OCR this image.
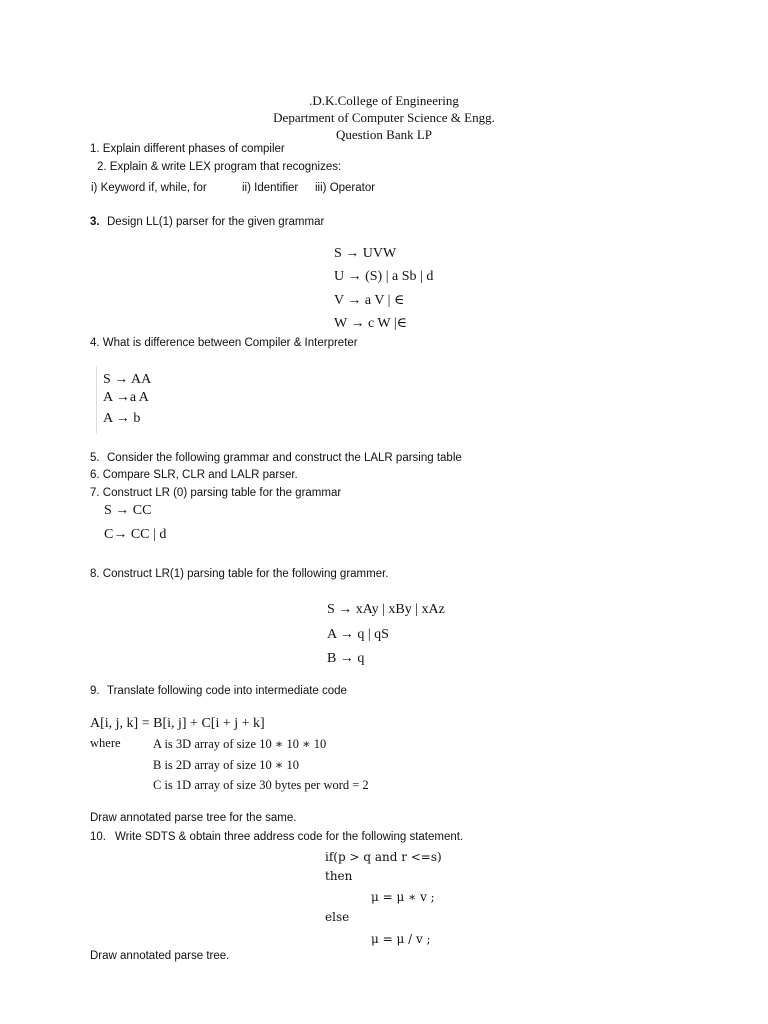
.D.K.College of Engineering
Department of Computer Science & Engg.
Question Bank LP
1. Explain different phases of compiler
2. Explain & write LEX program that recognizes:
i) Keyword if, while, for	ii) Identifier iii) Operator
3. Design LL(1) parser for the given grammar
S → UVW
U → (S) | a Sb | d
V → a V | ∈
W → c W |∈
4. What is difference between Compiler & Interpreter
S → AA
A →a A
A → b
5. Consider the following grammar and construct the LALR parsing table
6. Compare SLR, CLR and LALR parser.
7. Construct LR (0) parsing table for the grammar
S → CC
C→ CC | d
8. Construct LR(1) parsing table for the following grammer.
S → xAy | xBy | xAz
A → q | qS
B → q
9. Translate following code into intermediate code
A[i, j, k] = B[i, j] + C[i + j + k]
where	A is 3D array of size 10 ∗ 10 ∗ 10
B is 2D array of size 10 ∗ 10
C is 1D array of size 30 bytes per word = 2
Draw annotated parse tree for the same.
10. Write SDTS & obtain three address code for the following statement.
if(p > q and r <=s)
then
μ = μ ∗ v ;
else
μ = μ / v ;
Draw annotated parse tree.
